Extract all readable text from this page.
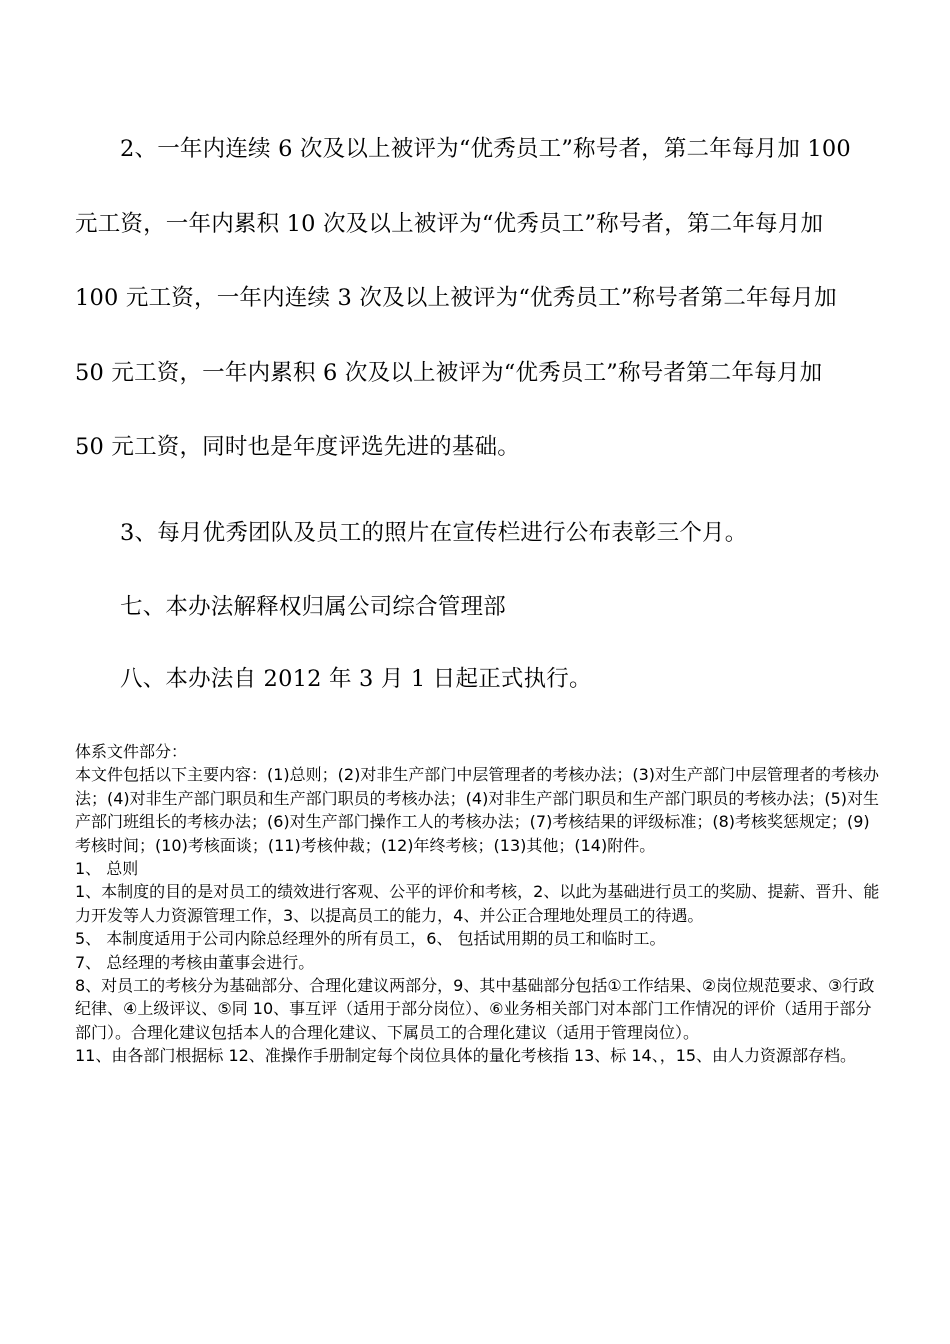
2、一年内连续 6 次及以上被评为“优秀员工”称号者，第二年每月加 100
元工资，一年内累积 10 次及以上被评为“优秀员工”称号者，第二年每月加
100 元工资，一年内连续 3 次及以上被评为“优秀员工”称号者第二年每月加
50 元工资，一年内累积 6 次及以上被评为“优秀员工”称号者第二年每月加
50 元工资，同时也是年度评选先进的基础。
3、每月优秀团队及员工的照片在宣传栏进行公布表彰三个月。
七、本办法解释权归属公司综合管理部
八、本办法自 2012 年 3 月 1 日起正式执行。

体系文件部分：

本文件包括以下主要内容：(1)总则；(2)对非生产部门中层管理者的考核办法；(3)对生产部门中层管理者的考核办法；(4)对非生产部门职员和生产部门职员的考核办法；(4)对非生产部门职员和生产部门职员的考核办法；(5)对生产部门班组长的考核办法；(6)对生产部门操作工人的考核办法；(7)考核结果的评级标准；(8)考核奖惩规定；(9)考核时间；(10)考核面谈；(11)考核仲裁；(12)年终考核；(13)其他；(14)附件。

1、 总则

1、本制度的目的是对员工的绩效进行客观、公平的评价和考核，2、以此为基础进行员工的奖励、提薪、晋升、能力开发等人力资源管理工作，3、以提高员工的能力，4、并公正合理地处理员工的待遇。

5、 本制度适用于公司内除总经理外的所有员工，6、 包括试用期的员工和临时工。

7、 总经理的考核由董事会进行。

8、对员工的考核分为基础部分、合理化建议两部分，9、其中基础部分包括①工作结果、②岗位规范要求、③行政纪律、④上级评议、⑤同 10、事互评（适用于部分岗位）、⑥业务相关部门对本部门工作情况的评价（适用于部分部门）。合理化建议包括本人的合理化建议、下属员工的合理化建议（适用于管理岗位）。

11、由各部门根据标 12、准操作手册制定每个岗位具体的量化考核指 13、标 14、，15、由人力资源部存档。
